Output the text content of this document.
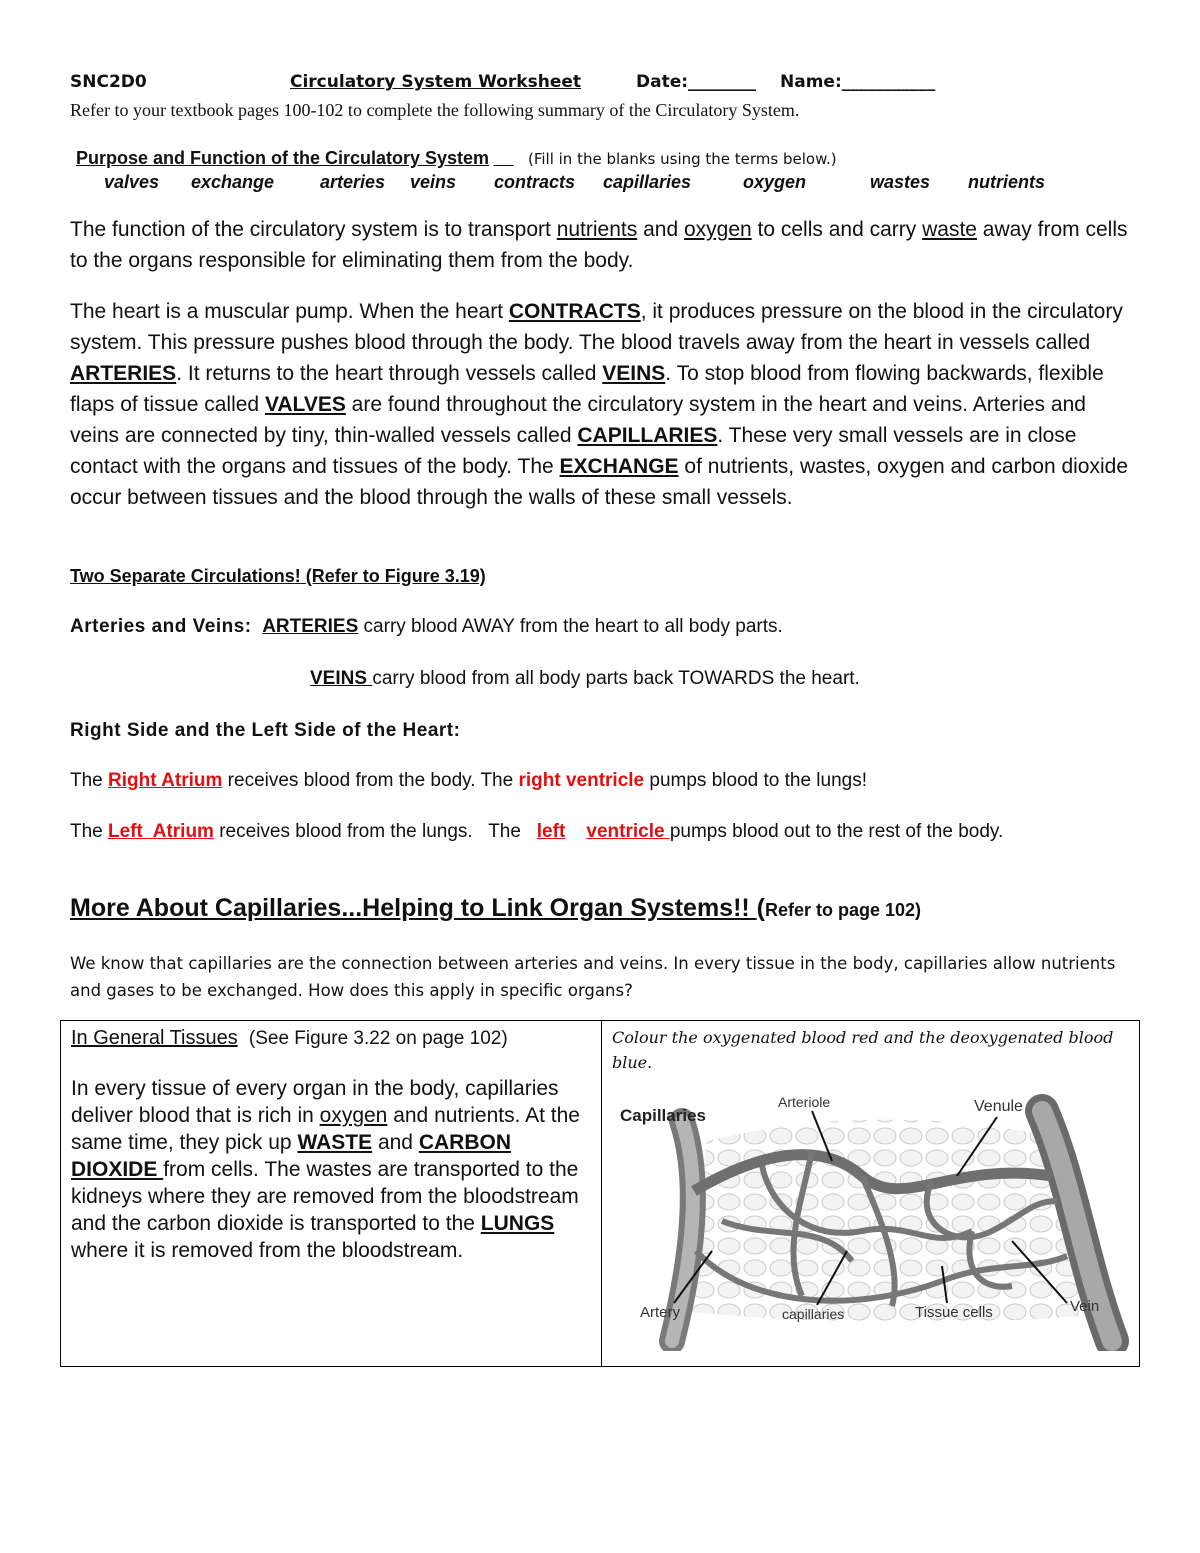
SNC2D0	Circulatory System Worksheet	Date:________ Name:___________
Refer to your textbook pages 100-102 to complete the following summary of the Circulatory System.
Purpose and Function of the Circulatory System	(Fill in the blanks using the terms below.)
valves exchange	arteries veins contracts capillaries	oxygen	wastes nutrients
The function of the circulatory system is to transport nutrients and oxygen to cells and carry waste away from cells to the organs responsible for eliminating them from the body.
The heart is a muscular pump. When the heart CONTRACTS, it produces pressure on the blood in the circulatory system. This pressure pushes blood through the body. The blood travels away from the heart in vessels called ARTERIES. It returns to the heart through vessels called VEINS. To stop blood from flowing backwards, flexible flaps of tissue called VALVES are found throughout the circulatory system in the heart and veins. Arteries and veins are connected by tiny, thin-walled vessels called CAPILLARIES. These very small vessels are in close contact with the organs and tissues of the body. The EXCHANGE of nutrients, wastes, oxygen and carbon dioxide occur between tissues and the blood through the walls of these small vessels.
Two Separate Circulations! (Refer to Figure 3.19)
Arteries and Veins: ARTERIES carry blood AWAY from the heart to all body parts.
VEINS carry blood from all body parts back TOWARDS the heart.
Right Side and the Left Side of the Heart:
The Right Atrium receives blood from the body. The right ventricle pumps blood to the lungs!
The Left  Atrium receives blood from the lungs.   The   left ventricle pumps blood out to the rest of the body.
More About Capillaries...Helping to Link Organ Systems!! (Refer to page 102)
We know that capillaries are the connection between arteries and veins. In every tissue in the body, capillaries allow nutrients and gases to be exchanged. How does this apply in specific organs?
In General Tissues (See Figure 3.22 on page 102)
In every tissue of every organ in the body, capillaries deliver blood that is rich in oxygen and nutrients. At the same time, they pick up WASTE and CARBON DIOXIDE from cells. The wastes are transported to the kidneys where they are removed from the bloodstream and the carbon dioxide is transported to the LUNGS where it is removed from the bloodstream.
Colour the oxygenated blood red and the deoxygenated blood blue.
Capillaries
Arteriole	Venule
Artery	capillaries	Tissue cells	Vein
